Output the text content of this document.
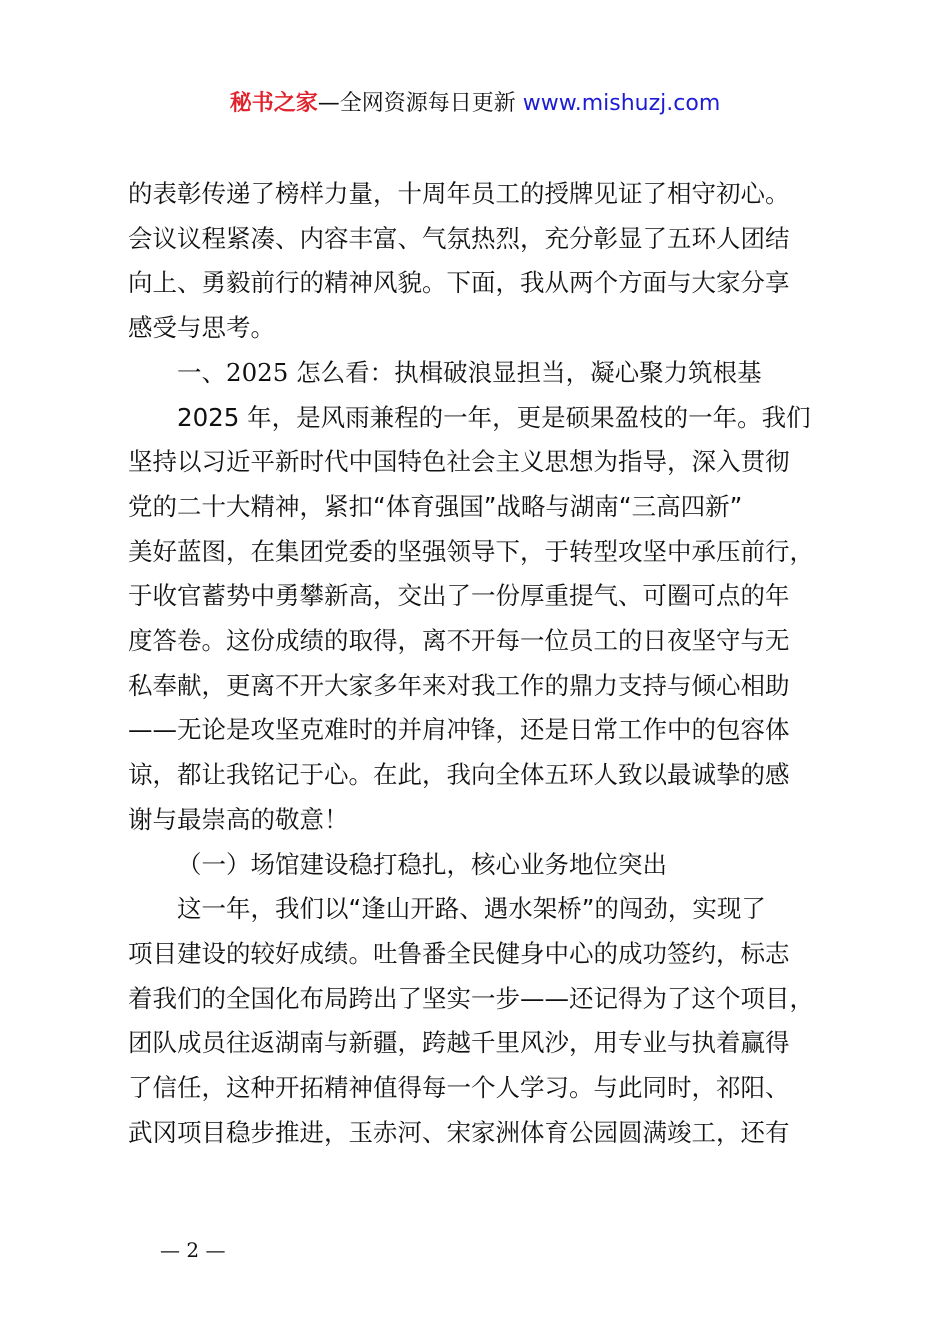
秘书之家—全网资源每日更新 www.mishuzj.com

的表彰传递了榜样力量，十周年员工的授牌见证了相守初心。

会议议程紧凑、内容丰富、气氛热烈，充分彰显了五环人团结

向上、勇毅前行的精神风貌。下面，我从两个方面与大家分享

感受与思考。

一、2025 怎么看：执楫破浪显担当，凝心聚力筑根基

2025 年，是风雨兼程的一年，更是硕果盈枝的一年。我们

坚持以习近平新时代中国特色社会主义思想为指导，深入贯彻

党的二十大精神，紧扣“体育强国”战略与湖南“三高四新”

美好蓝图，在集团党委的坚强领导下，于转型攻坚中承压前行，

于收官蓄势中勇攀新高，交出了一份厚重提气、可圈可点的年

度答卷。这份成绩的取得，离不开每一位员工的日夜坚守与无

私奉献，更离不开大家多年来对我工作的鼎力支持与倾心相助

——无论是攻坚克难时的并肩冲锋，还是日常工作中的包容体

谅，都让我铭记于心。在此，我向全体五环人致以最诚挚的感

谢与最崇高的敬意！

（一）场馆建设稳打稳扎，核心业务地位突出

这一年，我们以“逢山开路、遇水架桥”的闯劲，实现了

项目建设的较好成绩。吐鲁番全民健身中心的成功签约，标志

着我们的全国化布局跨出了坚实一步——还记得为了这个项目，

团队成员往返湖南与新疆，跨越千里风沙，用专业与执着赢得

了信任，这种开拓精神值得每一个人学习。与此同时，祁阳、

武冈项目稳步推进，玉赤河、宋家洲体育公园圆满竣工，还有

— 2 —
